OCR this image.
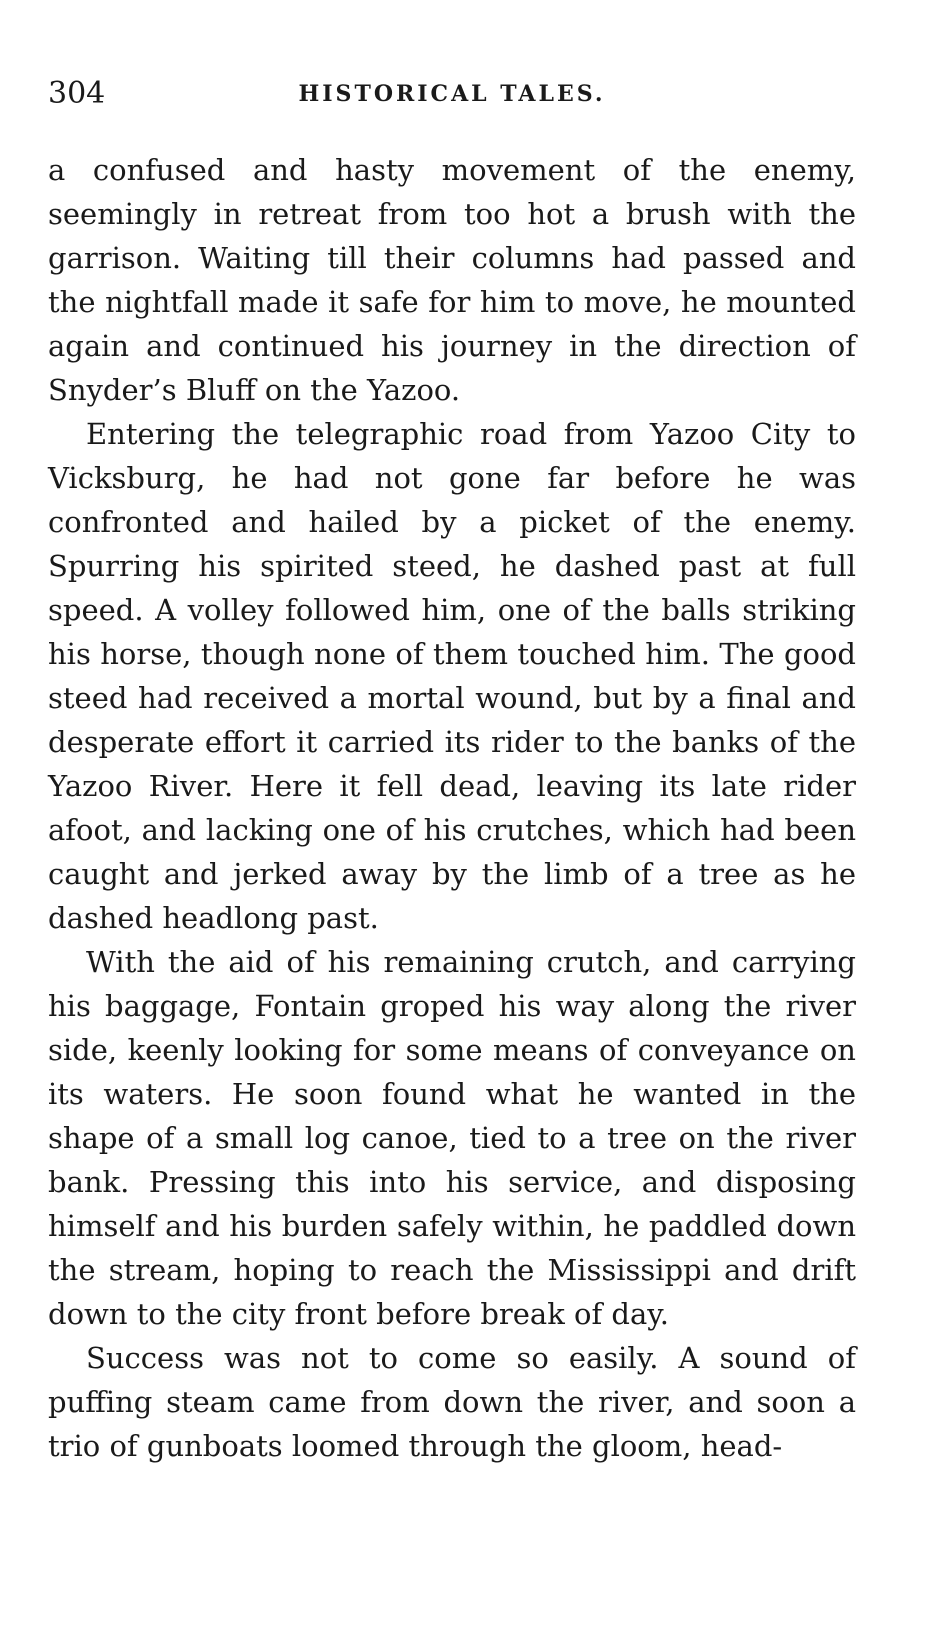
304	HISTORICAL TALES.

a confused and hasty movement of the enemy, seemingly in retreat from too hot a brush with the garrison. Waiting till their columns had passed and the nightfall made it safe for him to move, he mounted again and continued his journey in the direction of Snyder’s Bluff on the Yazoo.

Entering the telegraphic road from Yazoo City to Vicksburg, he had not gone far before he was confronted and hailed by a picket of the enemy. Spurring his spirited steed, he dashed past at full speed. A volley followed him, one of the balls striking his horse, though none of them touched him. The good steed had received a mortal wound, but by a final and desperate effort it carried its rider to the banks of the Yazoo River. Here it fell dead, leaving its late rider afoot, and lacking one of his crutches, which had been caught and jerked away by the limb of a tree as he dashed headlong past.

With the aid of his remaining crutch, and carrying his baggage, Fontain groped his way along the river side, keenly looking for some means of conveyance on its waters. He soon found what he wanted in the shape of a small log canoe, tied to a tree on the river bank. Pressing this into his service, and disposing himself and his burden safely within, he paddled down the stream, hoping to reach the Mississippi and drift down to the city front before break of day.

Success was not to come so easily. A sound of puffing steam came from down the river, and soon a trio of gunboats loomed through the gloom, head-
